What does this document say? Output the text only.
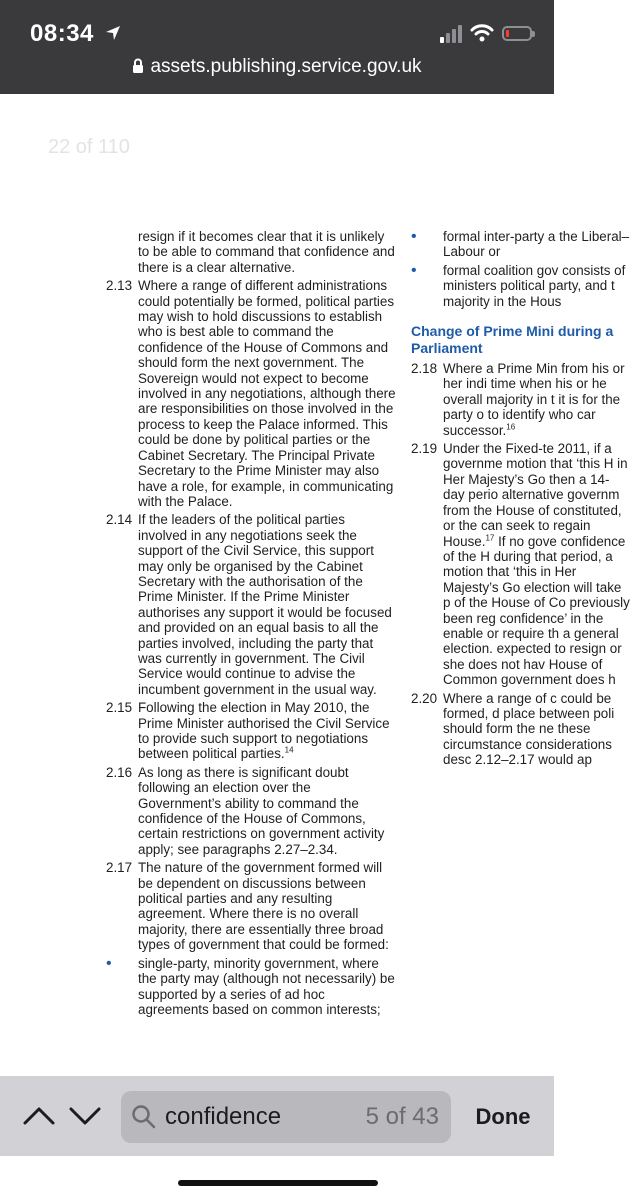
08:34
assets.publishing.service.gov.uk
22 of 110
resign if it becomes clear that it is unlikely to be able to command that confidence and there is a clear alternative.
2.13 Where a range of different administrations could potentially be formed, political parties may wish to hold discussions to establish who is best able to command the confidence of the House of Commons and should form the next government. The Sovereign would not expect to become involved in any negotiations, although there are responsibilities on those involved in the process to keep the Palace informed. This could be done by political parties or the Cabinet Secretary. The Principal Private Secretary to the Prime Minister may also have a role, for example, in communicating with the Palace.
2.14 If the leaders of the political parties involved in any negotiations seek the support of the Civil Service, this support may only be organised by the Cabinet Secretary with the authorisation of the Prime Minister. If the Prime Minister authorises any support it would be focused and provided on an equal basis to all the parties involved, including the party that was currently in government. The Civil Service would continue to advise the incumbent government in the usual way.
2.15 Following the election in May 2010, the Prime Minister authorised the Civil Service to provide such support to negotiations between political parties.$^{14}$
2.16 As long as there is significant doubt following an election over the Government’s ability to command the confidence of the House of Commons, certain restrictions on government activity apply; see paragraphs 2.27–2.34.
2.17 The nature of the government formed will be dependent on discussions between political parties and any resulting agreement. Where there is no overall majority, there are essentially three broad types of government that could be formed:
•	single-party, minority government, where the party may (although not necessarily) be supported by a series of ad hoc agreements based on common interests;
•	formal inter-party a the Liberal–Labour or
•	formal coalition gov consists of ministers political party, and t majority in the Hous
Change of Prime Mini during a Parliament
2.18 Where a Prime Min from his or her indi time when his or he overall majority in t it is for the party o to identify who car successor.$^{16}$
2.19 Under the Fixed-te 2011, if a governme motion that ‘this H in Her Majesty’s Go then a 14-day perio alternative governm from the House of constituted, or the can seek to regain House.$^{17}$ If no gove confidence of the H during that period, a motion that ‘this in Her Majesty’s Go election will take p of the House of Co previously been reg confidence’ in the enable or require th a general election. expected to resign or she does not hav House of Common government does h
2.20 Where a range of c could be formed, d place between poli should form the ne these circumstance considerations desc 2.12–2.17 would ap
confidence	5 of 43	Done
